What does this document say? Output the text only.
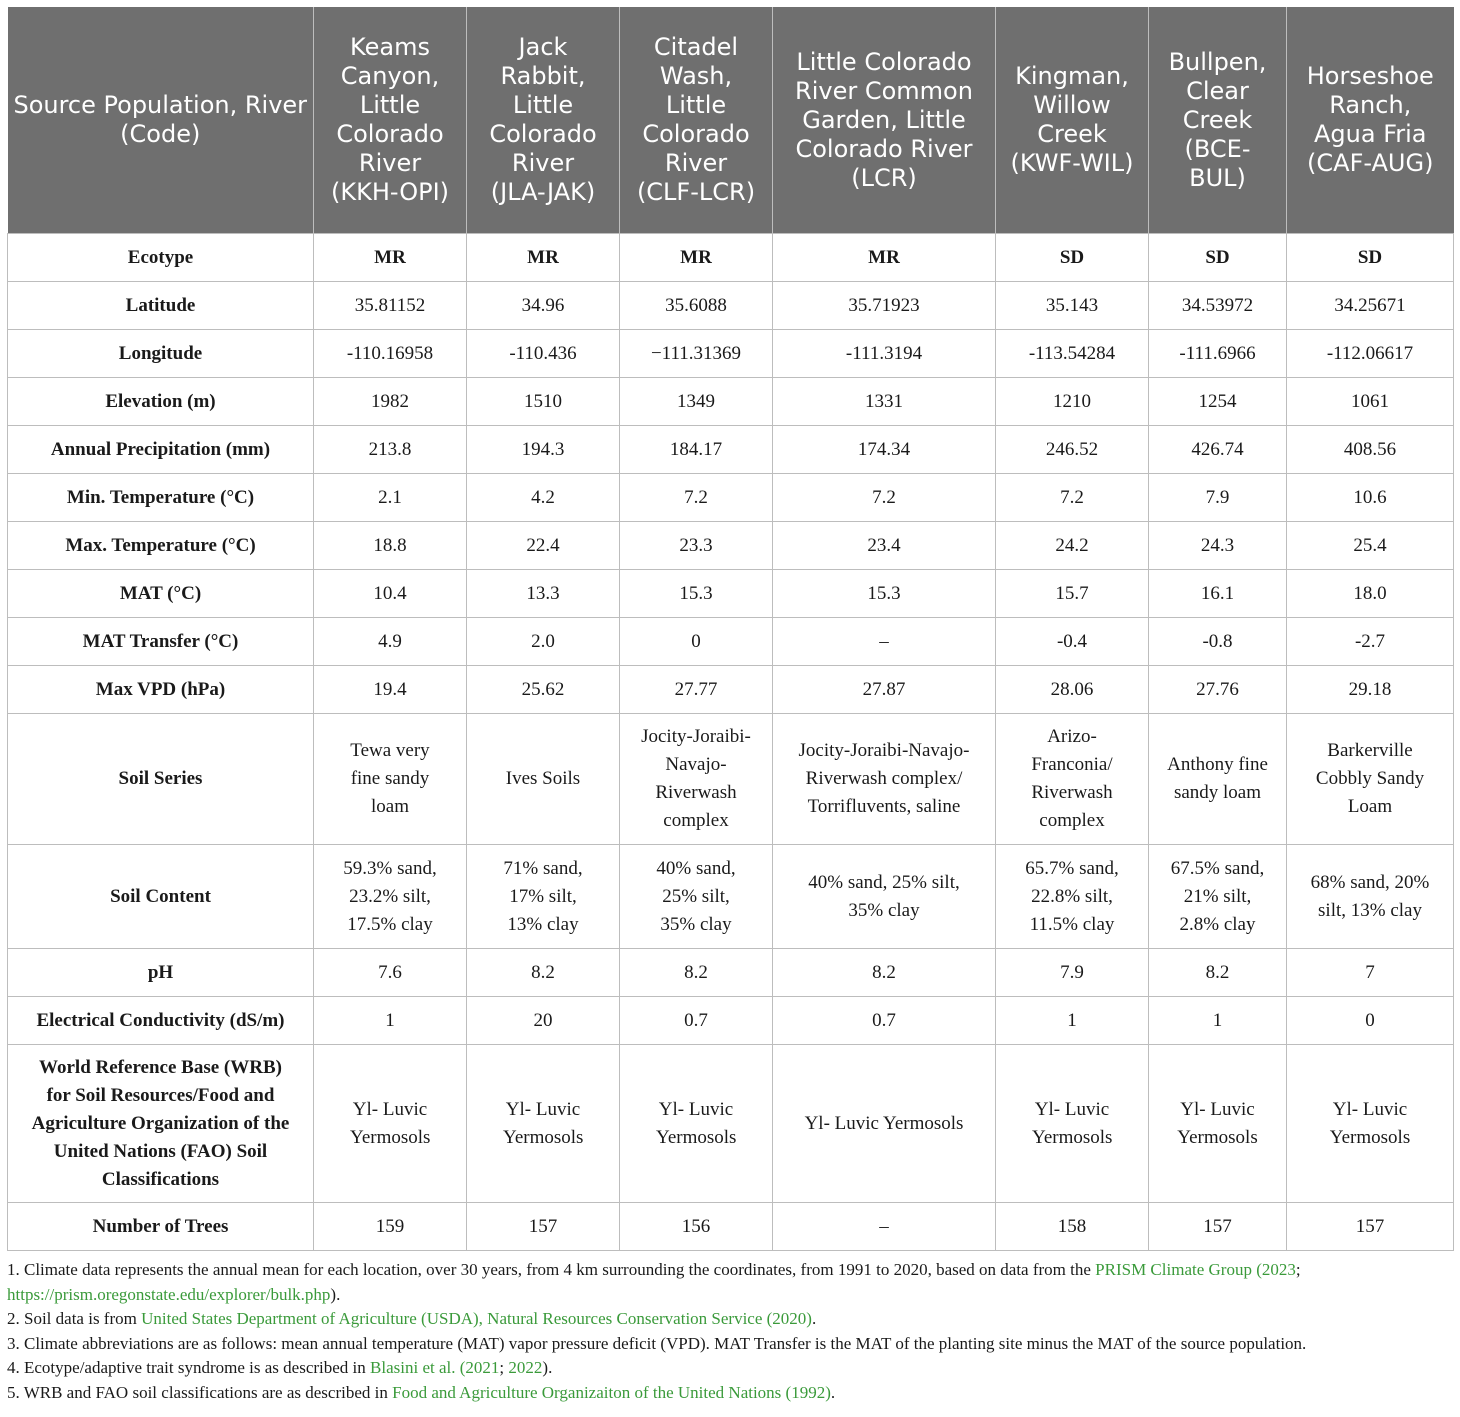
Source Population, River (Code)	Keams Canyon, Little Colorado River (KKH-OPI)	Jack Rabbit, Little Colorado River (JLA-JAK)	Citadel Wash, Little Colorado River (CLF-LCR)	Little Colorado River Common Garden, Little Colorado River (LCR)	Kingman, Willow Creek (KWF-WIL)	Bullpen, Clear Creek (BCE-BUL)	Horseshoe Ranch, Agua Fria (CAF-AUG)
Ecotype	MR	MR	MR	MR	SD	SD	SD
Latitude	35.81152	34.96	35.6088	35.71923	35.143	34.53972	34.25671
Longitude	-110.16958	-110.436	−111.31369	-111.3194	-113.54284	-111.6966	-112.06617
Elevation (m)	1982	1510	1349	1331	1210	1254	1061
Annual Precipitation (mm)	213.8	194.3	184.17	174.34	246.52	426.74	408.56
Min. Temperature (°C)	2.1	4.2	7.2	7.2	7.2	7.9	10.6
Max. Temperature (°C)	18.8	22.4	23.3	23.4	24.2	24.3	25.4
MAT (°C)	10.4	13.3	15.3	15.3	15.7	16.1	18.0
MAT Transfer (°C)	4.9	2.0	0	–	-0.4	-0.8	-2.7
Max VPD (hPa)	19.4	25.62	27.77	27.87	28.06	27.76	29.18
Soil Series	Tewa very fine sandy loam	Ives Soils	Jocity-Joraibi-Navajo-Riverwash complex	Jocity-Joraibi-Navajo-Riverwash complex/ Torrifluvents, saline	Arizo-Franconia/ Riverwash complex	Anthony fine sandy loam	Barkerville Cobbly Sandy Loam
Soil Content	59.3% sand, 23.2% silt, 17.5% clay	71% sand, 17% silt, 13% clay	40% sand, 25% silt, 35% clay	40% sand, 25% silt, 35% clay	65.7% sand, 22.8% silt, 11.5% clay	67.5% sand, 21% silt, 2.8% clay	68% sand, 20% silt, 13% clay
pH	7.6	8.2	8.2	8.2	7.9	8.2	7
Electrical Conductivity (dS/m)	1	20	0.7	0.7	1	1	0
World Reference Base (WRB) for Soil Resources/Food and Agriculture Organization of the United Nations (FAO) Soil Classifications	Yl- Luvic Yermosols	Yl- Luvic Yermosols	Yl- Luvic Yermosols	Yl- Luvic Yermosols	Yl- Luvic Yermosols	Yl- Luvic Yermosols	Yl- Luvic Yermosols
Number of Trees	159	157	156	–	158	157	157
1. Climate data represents the annual mean for each location, over 30 years, from 4 km surrounding the coordinates, from 1991 to 2020, based on data from the PRISM Climate Group (2023; https://prism.oregonstate.edu/explorer/bulk.php).
2. Soil data is from United States Department of Agriculture (USDA), Natural Resources Conservation Service (2020).
3. Climate abbreviations are as follows: mean annual temperature (MAT) vapor pressure deficit (VPD). MAT Transfer is the MAT of the planting site minus the MAT of the source population.
4. Ecotype/adaptive trait syndrome is as described in Blasini et al. (2021; 2022).
5. WRB and FAO soil classifications are as described in Food and Agriculture Organizaiton of the United Nations (1992).
